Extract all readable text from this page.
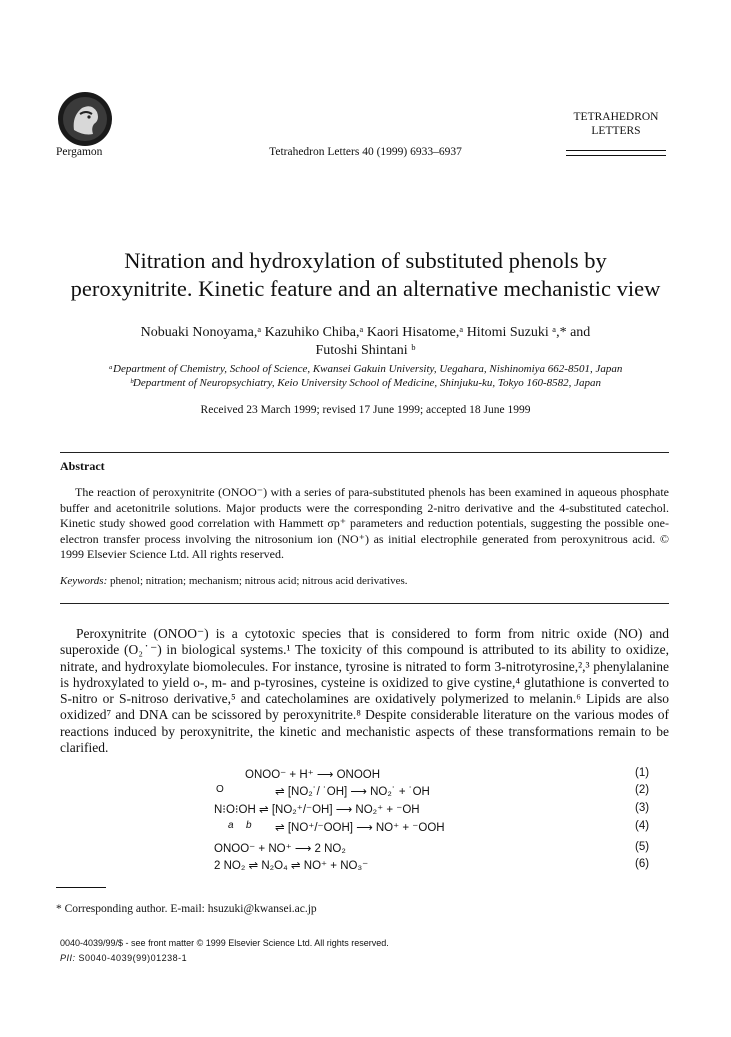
Pergamon	Tetrahedron Letters 40 (1999) 6933–6937
TETRAHEDRON
LETTERS
Nitration and hydroxylation of substituted phenols by
peroxynitrite. Kinetic feature and an alternative mechanistic view
Nobuaki Nonoyama,ᵃ Kazuhiko Chiba,ᵃ Kaori Hisatome,ᵃ Hitomi Suzuki ᵃ,* and
Futoshi Shintani ᵇ
ᵃDepartment of Chemistry, School of Science, Kwansei Gakuin University, Uegahara, Nishinomiya 662-8501, Japan
ᵇDepartment of Neuropsychiatry, Keio University School of Medicine, Shinjuku-ku, Tokyo 160-8582, Japan
Received 23 March 1999; revised 17 June 1999; accepted 18 June 1999
Abstract
The reaction of peroxynitrite (ONOO⁻) with a series of para-substituted phenols has been examined in aqueous phosphate buffer and acetonitrile solutions. Major products were the corresponding 2-nitro derivative and the 4-substituted catechol. Kinetic study showed good correlation with Hammett σp⁺ parameters and reduction potentials, suggesting the possible one-electron transfer process involving the nitrosonium ion (NO⁺) as initial electrophile generated from peroxynitrous acid. © 1999 Elsevier Science Ltd. All rights reserved.
Keywords: phenol; nitration; mechanism; nitrous acid; nitrous acid derivatives.
Peroxynitrite (ONOO⁻) is a cytotoxic species that is considered to form from nitric oxide (NO) and superoxide (O₂˙⁻) in biological systems.¹ The toxicity of this compound is attributed to its ability to oxidize, nitrate, and hydroxylate biomolecules. For instance, tyrosine is nitrated to form 3-nitrotyrosine,²,³ phenylalanine is hydroxylated to yield o-, m- and p-tyrosines, cysteine is oxidized to give cystine,⁴ glutathione is converted to S-nitro or S-nitroso derivative,⁵ and catecholamines are oxidatively polymerized to melanin.⁶ Lipids are also oxidized⁷ and DNA can be scissored by peroxynitrite.⁸ Despite considerable literature on the various modes of reactions induced by peroxynitrite, the kinetic and mechanistic aspects of these transformations remain to be clarified.
ONOO⁻ + H⁺ ⟶ ONOOH	(1)
O	⇌ [NO₂˙/ ˙OH] ⟶ NO₂˙ + ˙OH	(2)
N⁝O⁝OH ⇌ [NO₂⁺/⁻OH] ⟶ NO₂⁺ + ⁻OH	(3)
a b ⇌ [NO⁺/⁻OOH] ⟶ NO⁺ + ⁻OOH	(4)
ONOO⁻ + NO⁺ ⟶ 2 NO₂	(5)
2 NO₂ ⇌ N₂O₄ ⇌ NO⁺ + NO₃⁻	(6)
* Corresponding author. E-mail: hsuzuki@kwansei.ac.jp
0040-4039/99/$ - see front matter © 1999 Elsevier Science Ltd. All rights reserved.
PII: S0040-4039(99)01238-1
